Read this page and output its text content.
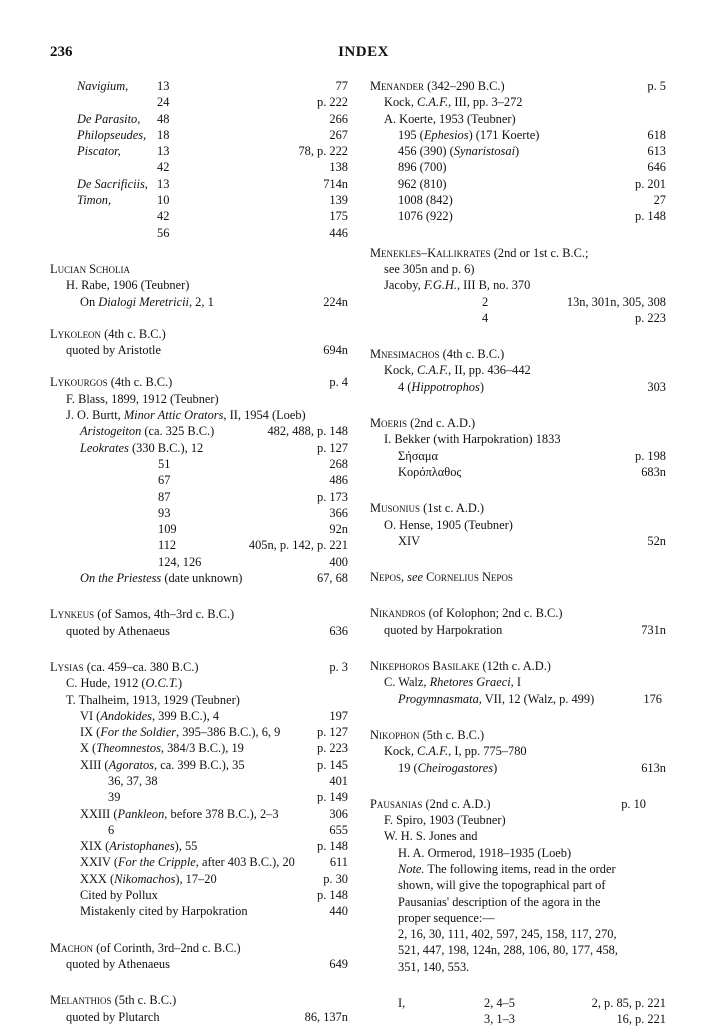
236	INDEX
Navigium, 13	77
24	p. 222
De Parasito, 48	266
Philopseudes, 18	267
Piscator,	13	78, p. 222
42	138
De Sacrificiis, 13	714n
Timon,	10	139
42	175
56	446
Lucian Scholia
H. Rabe, 1906 (Teubner)
On Dialogi Meretricii, 2, 1	224n
Lykoleon (4th c. B.C.)
quoted by Aristotle	694n
Lykourgos (4th c. B.C.)	p. 4
F. Blass, 1899, 1912 (Teubner)
J. O. Burtt, Minor Attic Orators, II, 1954 (Loeb)
Aristogeiton (ca. 325 B.C.)	482, 488, p. 148
Leokrates (330 B.C.), 12	p. 127
51	268
67	486
87	p. 173
93	366
109	92n
112	405n, p. 142, p. 221
124, 126	400
On the Priestess (date unknown)	67, 68
Lynkeus (of Samos, 4th–3rd c. B.C.)
quoted by Athenaeus	636
Lysias (ca. 459–ca. 380 B.C.)	p. 3
C. Hude, 1912 (O.C.T.)
T. Thalheim, 1913, 1929 (Teubner)
VI (Andokides, 399 B.C.), 4	197
IX (For the Soldier, 395–386 B.C.), 6, 9	p. 127
X (Theomnestos, 384/3 B.C.), 19	p. 223
XIII (Agoratos, ca. 399 B.C.), 35	p. 145
36, 37, 38	401
39	p. 149
XXIII (Pankleon, before 378 B.C.), 2–3	306
6	655
XIX (Aristophanes), 55	p. 148
XXIV (For the Cripple, after 403 B.C.), 20	611
XXX (Nikomachos), 17–20	p. 30
Cited by Pollux	p. 148
Mistakenly cited by Harpokration	440
Machon (of Corinth, 3rd–2nd c. B.C.)
quoted by Athenaeus	649
Melanthios (5th c. B.C.)
quoted by Plutarch	86, 137n
Menander (342–290 B.C.)	p. 5
Kock, C.A.F., III, pp. 3–272
A. Koerte, 1953 (Teubner)
195 (Ephesios) (171 Koerte)	618
456 (390) (Synaristosai)	613
896 (700)	646
962 (810)	p. 201
1008 (842)	27
1076 (922)	p. 148
Menekles–Kallikrates (2nd or 1st c. B.C.;
see 305n and p. 6)
Jacoby, F.G.H., III B, no. 370
2	13n, 301n, 305, 308
4	p. 223
Mnesimachos (4th c. B.C.)
Kock, C.A.F., II, pp. 436–442
4 (Hippotrophos)	303
Moeris (2nd c. A.D.)
I. Bekker (with Harpokration) 1833
Σήσαμα	p. 198
Κορόπλαθος	683n
Musonius (1st c. A.D.)
O. Hense, 1905 (Teubner)
XIV	52n
Nepos, see Cornelius Nepos
Nikandros (of Kolophon; 2nd c. B.C.)
quoted by Harpokration	731n
Nikephoros Basilake (12th c. A.D.)
C. Walz, Rhetores Graeci, I
Progymnasmata, VII, 12 (Walz, p. 499)	176
Nikophon (5th c. B.C.)
Kock, C.A.F., I, pp. 775–780
19 (Cheirogastores)	613n
Pausanias (2nd c. A.D.)	p. 10
F. Spiro, 1903 (Teubner)
W. H. S. Jones and
H. A. Ormerod, 1918–1935 (Loeb)
Note. The following items, read in the order
shown, will give the topographical part of
Pausanias' description of the agora in the
proper sequence:—
2, 16, 30, 111, 402, 597, 245, 158, 117, 270,
521, 447, 198, 124n, 288, 106, 80, 177, 458,
351, 140, 553.
I,	2, 4–5	2, p. 85, p. 221
3, 1–3	16, p. 221
